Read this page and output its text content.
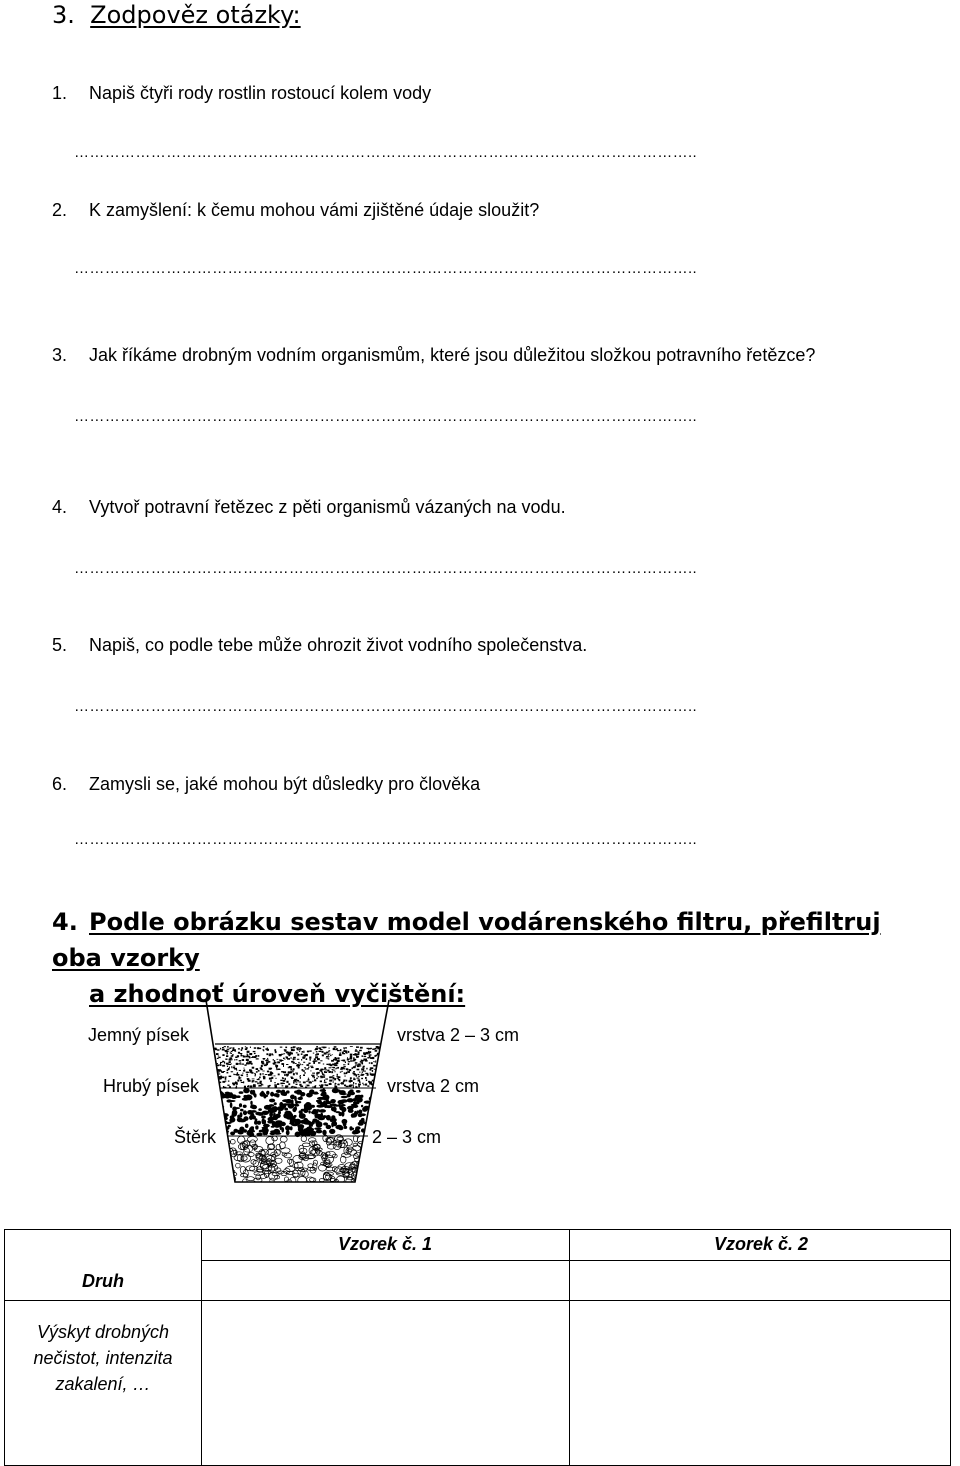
3. Zodpověz otázky:
1. Napiš čtyři rody rostlin rostoucí kolem vody
…………………………………………………………………………………………………………..
2. K zamyšlení: k čemu mohou vámi zjištěné údaje sloužit?
…………………………………………………………………………………………………………..
3. Jak říkáme drobným vodním organismům, které jsou důležitou složkou potravního řetězce?
…………………………………………………………………………………………………………..
4. Vytvoř potravní řetězec z pěti organismů vázaných na vodu.
…………………………………………………………………………………………………………..
5. Napiš, co podle tebe může ohrozit život vodního společenstva.
…………………………………………………………………………………………………………..
6. Zamysli se, jaké mohou být důsledky pro člověka
…………………………………………………………………………………………………………..
4. Podle obrázku sestav model vodárenského filtru, přefiltruj oba vzorky
a zhodnoť úroveň vyčištění:
Jemný písek	vrstva 2 – 3 cm
Hrubý písek	vrstva 2 cm
Štěrk	2 – 3 cm
Druh	Vzorek č. 1	Vzorek č. 2

Výskyt drobných
nečistot, intenzita
zakalení, …		
